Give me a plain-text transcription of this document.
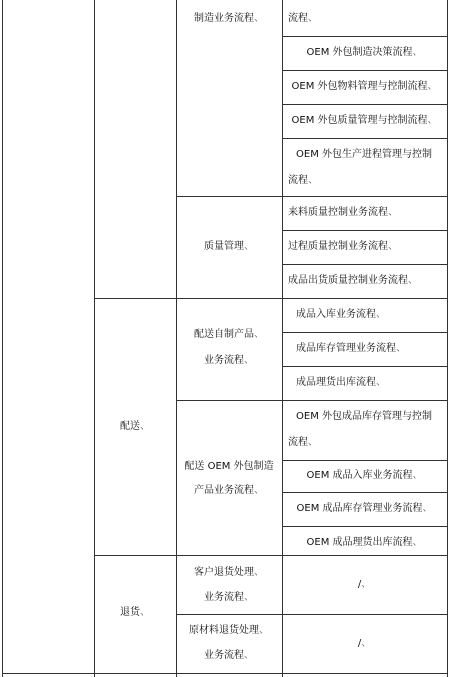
制造业务流程、	流程、
OEM 外包制造决策流程、
OEM 外包物料管理与控制流程、
OEM 外包质量管理与控制流程、
OEM 外包生产进程管理与控制
流程、
质量管理、
来料质量控制业务流程、
过程质量控制业务流程、
成品出货质量控制业务流程、
配送、
配送自制产品、
业务流程、
成品入库业务流程、
成品库存管理业务流程、
成品理货出库流程、
配送 OEM 外包制造
产品业务流程、
OEM 外包成品库存管理与控制
流程、
OEM 成品入库业务流程、
OEM 成品库存管理业务流程、
OEM 成品理货出库流程、
退货、
客户退货处理、
业务流程、
/、
原材料退货处理、
业务流程、
/、
